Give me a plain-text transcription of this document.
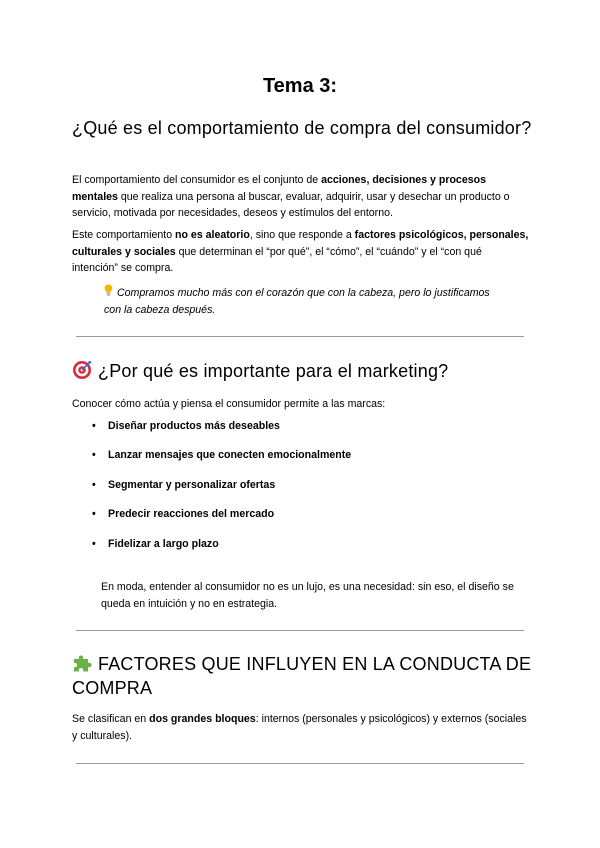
Tema 3:
¿Qué es el comportamiento de compra del consumidor?

El comportamiento del consumidor es el conjunto de acciones, decisiones y procesos mentales que realiza una persona al buscar, evaluar, adquirir, usar y desechar un producto o servicio, motivada por necesidades, deseos y estímulos del entorno.

Este comportamiento no es aleatorio, sino que responde a factores psicológicos, personales, culturales y sociales que determinan el “por qué”, el “cómo”, el “cuándo” y el “con qué intención” se compra.

Compramos mucho más con el corazón que con la cabeza, pero lo justificamos con la cabeza después.

¿Por qué es importante para el marketing?

Conocer cómo actúa y piensa el consumidor permite a las marcas:

• Diseñar productos más deseables
• Lanzar mensajes que conecten emocionalmente
• Segmentar y personalizar ofertas
• Predecir reacciones del mercado
• Fidelizar a largo plazo

En moda, entender al consumidor no es un lujo, es una necesidad: sin eso, el diseño se queda en intuición y no en estrategia.

FACTORES QUE INFLUYEN EN LA CONDUCTA DE COMPRA

Se clasifican en dos grandes bloques: internos (personales y psicológicos) y externos (sociales y culturales).
